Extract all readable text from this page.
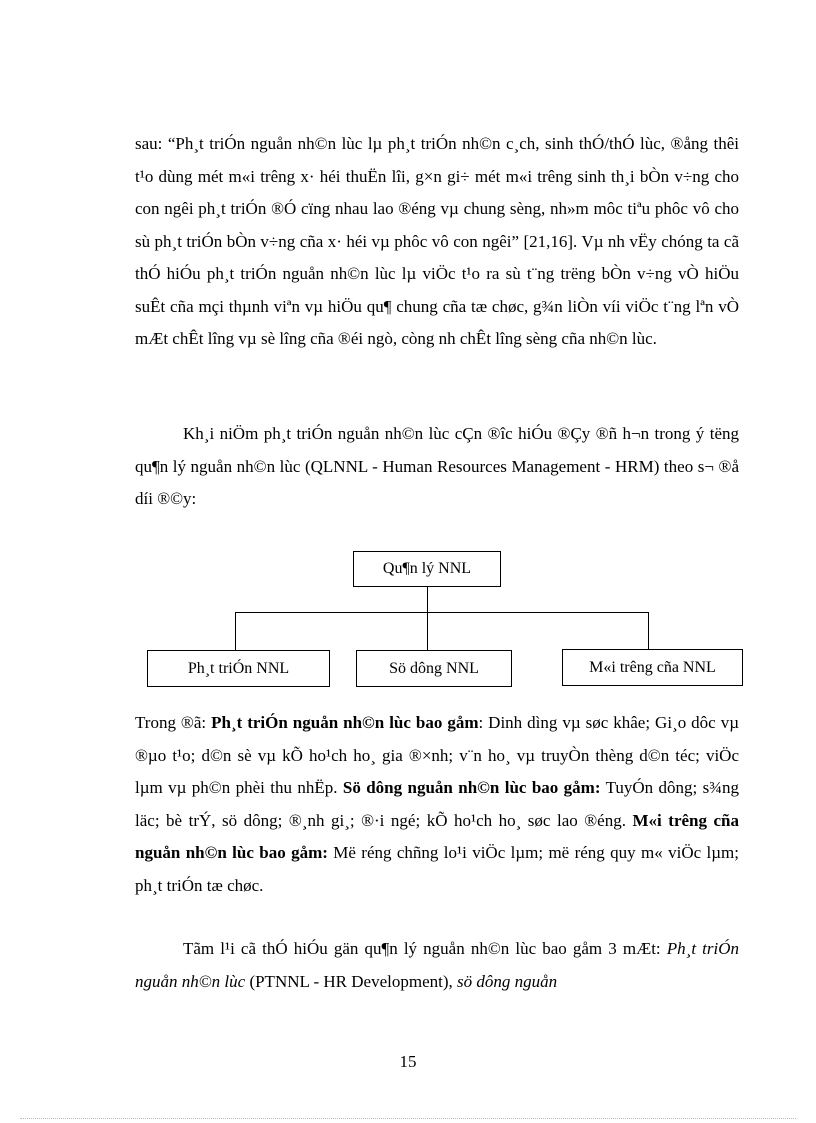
sau: “Ph¸t triÓn nguån nh©n lùc lµ ph¸t triÓn nh©n c¸ch, sinh thÓ/thÓ lùc, ®ång thêi t¹o dùng mét m«i trêng x· héi thuËn lîi, g×n gi÷ mét m«i trêng sinh th¸i bÒn v÷ng cho con ngêi ph¸t triÓn ®Ó cïng nhau lao ®éng vµ chung sèng, nh»m môc tiªu phôc vô cho sù ph¸t triÓn bÒn v÷ng cña x· héi vµ phôc vô con ngêi” [21,16]. Vµ nh vËy chóng ta cã thÓ hiÓu ph¸t triÓn nguån nh©n lùc lµ viÖc t¹o ra sù t¨ng trëng bÒn v÷ng vÒ hiÖu suÊt cña mçi thµnh viªn vµ hiÖu qu¶ chung cña tæ chøc, g¾n liÒn víi viÖc t¨ng lªn vÒ mÆt chÊt lîng vµ sè lîng cña ®éi ngò, còng nh chÊt lîng sèng cña nh©n lùc.

Kh¸i niÖm ph¸t triÓn nguån nh©n lùc cÇn ®îc hiÓu ®Çy ®ñ h¬n trong ý tëng qu¶n lý nguån nh©n lùc (QLNNL - Human Resources Management - HRM) theo s¬ ®å díi ®©y:

Qu¶n lý NNL
Ph¸t triÓn NNL	Sö dông NNL	M«i trêng cña NNL

Trong ®ã: Ph¸t triÓn nguån nh©n lùc bao gåm: Dinh dìng vµ søc khâe; Gi¸o dôc vµ ®µo t¹o; d©n sè vµ kÕ ho¹ch ho¸ gia ®×nh; v¨n ho¸ vµ truyÒn thèng d©n téc; viÖc lµm vµ ph©n phèi thu nhËp. Sö dông nguån nh©n lùc bao gåm: TuyÓn dông; s¾ng läc; bè trÝ, sö dông; ®¸nh gi¸; ®·i ngé; kÕ ho¹ch ho¸ søc lao ®éng. M«i trêng cña nguån nh©n lùc bao gåm: Më réng chñng lo¹i viÖc lµm; më réng quy m« viÖc lµm; ph¸t triÓn tæ chøc.

Tãm l¹i cã thÓ hiÓu gän qu¶n lý nguån nh©n lùc bao gåm 3 mÆt: Ph¸t triÓn nguån nh©n lùc (PTNNL - HR Development), sö dông nguån

15
